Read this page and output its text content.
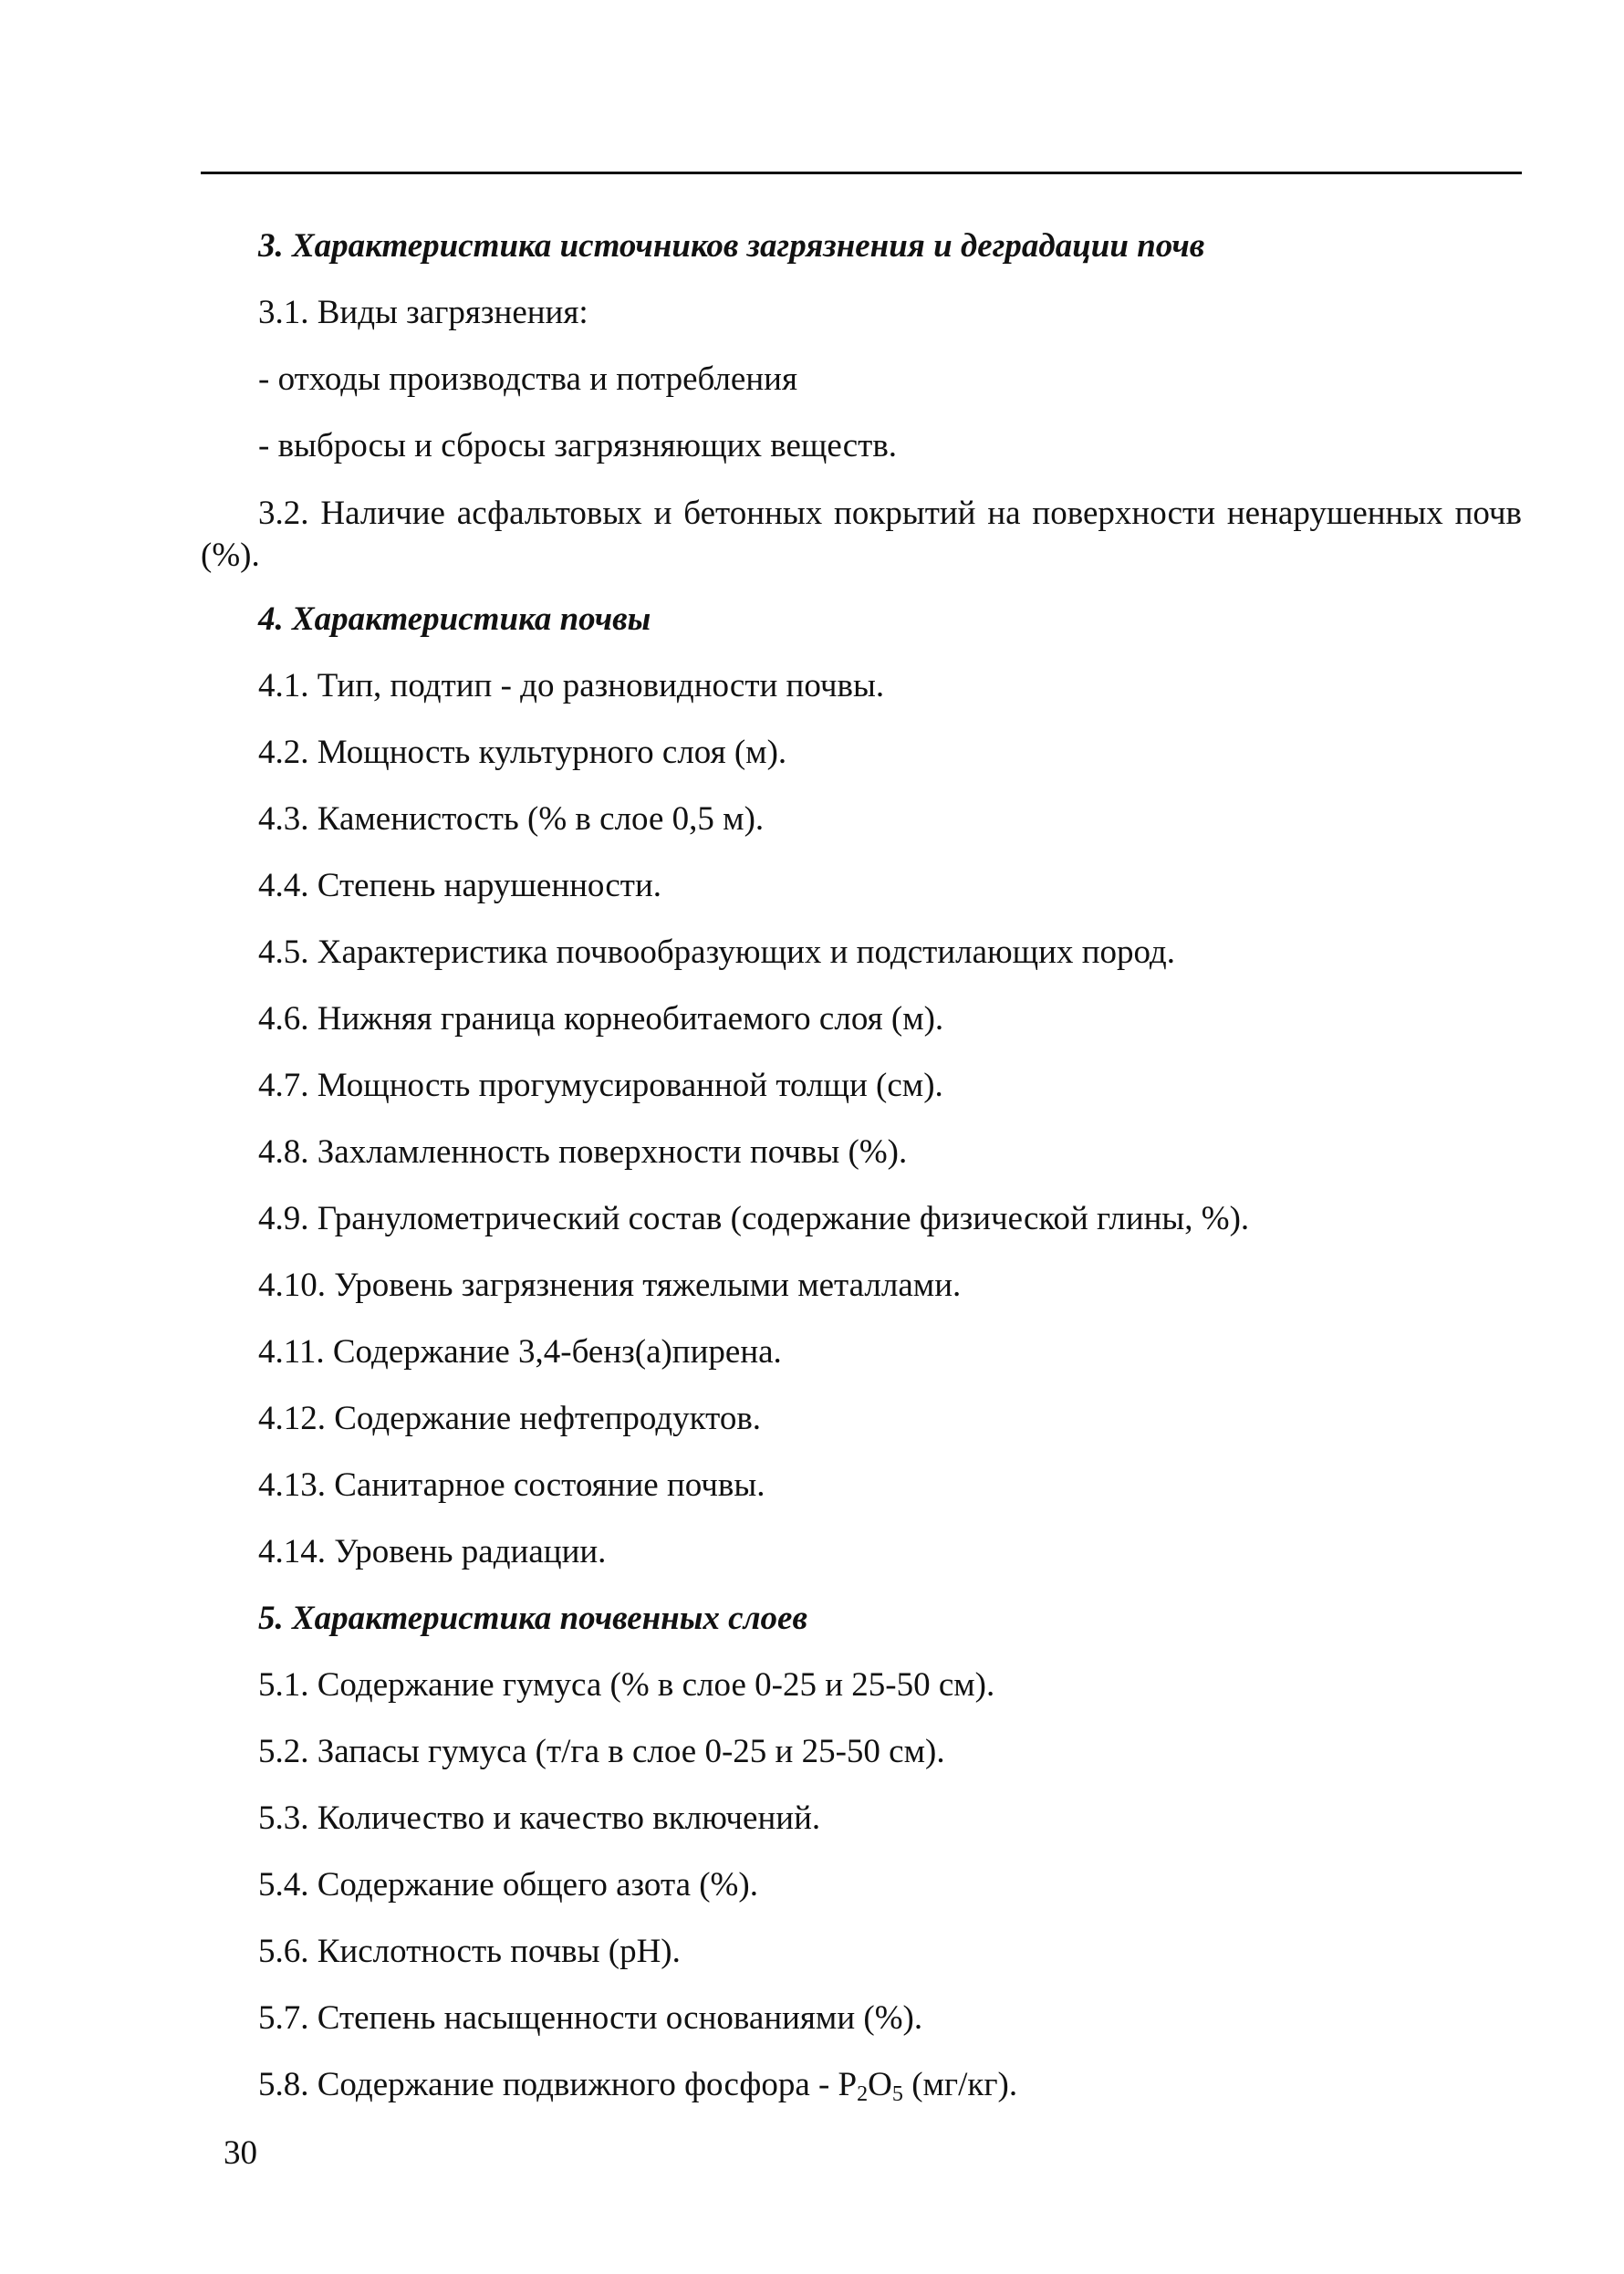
3. Характеристика источников загрязнения и деградации почв
3.1. Виды загрязнения:
- отходы производства и потребления
- выбросы и сбросы загрязняющих веществ.
3.2. Наличие асфальтовых и бетонных покрытий на поверхности ненарушенных почв (%).
4. Характеристика почвы
4.1. Тип, подтип - до разновидности почвы.
4.2. Мощность культурного слоя (м).
4.3. Каменистость (% в слое 0,5 м).
4.4. Степень нарушенности.
4.5. Характеристика почвообразующих и подстилающих пород.
4.6. Нижняя граница корнеобитаемого слоя (м).
4.7. Мощность прогумусированной толщи (см).
4.8. Захламленность поверхности почвы (%).
4.9. Гранулометрический состав (содержание физической глины, %).
4.10. Уровень загрязнения тяжелыми металлами.
4.11. Содержание 3,4-бенз(а)пирена.
4.12. Содержание нефтепродуктов.
4.13. Санитарное состояние почвы.
4.14. Уровень радиации.
5. Характеристика почвенных слоев
5.1. Содержание гумуса (% в слое 0-25 и 25-50 см).
5.2. Запасы гумуса (т/га в слое 0-25 и 25-50 см).
5.3. Количество и качество включений.
5.4. Содержание общего азота (%).
5.6. Кислотность почвы (pH).
5.7. Степень насыщенности основаниями (%).
5.8. Содержание подвижного фосфора - $P_2O_5$ (мг/кг).
30
